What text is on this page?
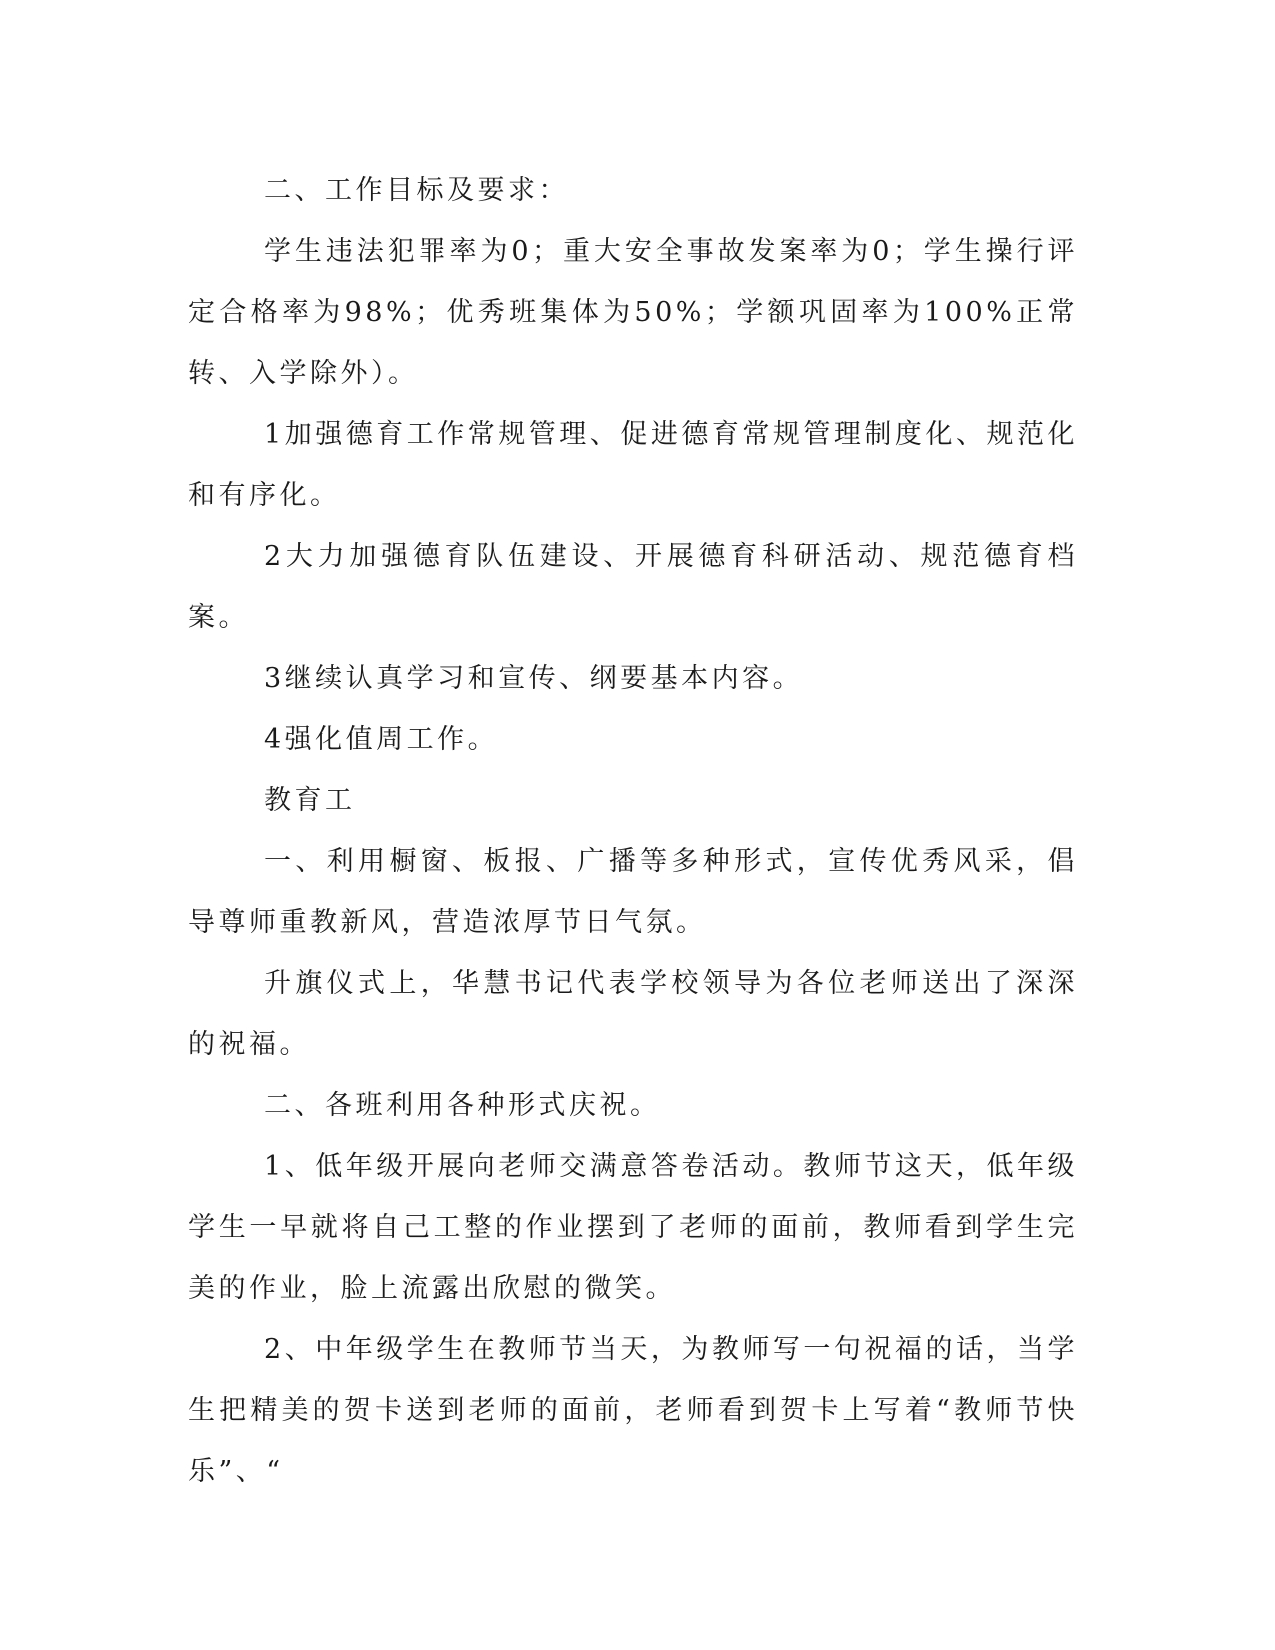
二、工作目标及要求：

学生违法犯罪率为0；重大安全事故发案率为0；学生操行评定合格率为98%；优秀班集体为50%；学额巩固率为100%正常转、入学除外）。

1加强德育工作常规管理、促进德育常规管理制度化、规范化和有序化。

2大力加强德育队伍建设、开展德育科研活动、规范德育档案。

3继续认真学习和宣传、纲要基本内容。

4强化值周工作。

教育工

一、利用橱窗、板报、广播等多种形式，宣传优秀风采，倡导尊师重教新风，营造浓厚节日气氛。

升旗仪式上，华慧书记代表学校领导为各位老师送出了深深的祝福。

二、各班利用各种形式庆祝。

1、低年级开展向老师交满意答卷活动。教师节这天，低年级学生一早就将自己工整的作业摆到了老师的面前，教师看到学生完美的作业，脸上流露出欣慰的微笑。

2、中年级学生在教师节当天，为教师写一句祝福的话，当学生把精美的贺卡送到老师的面前，老师看到贺卡上写着“教师节快乐”、“
